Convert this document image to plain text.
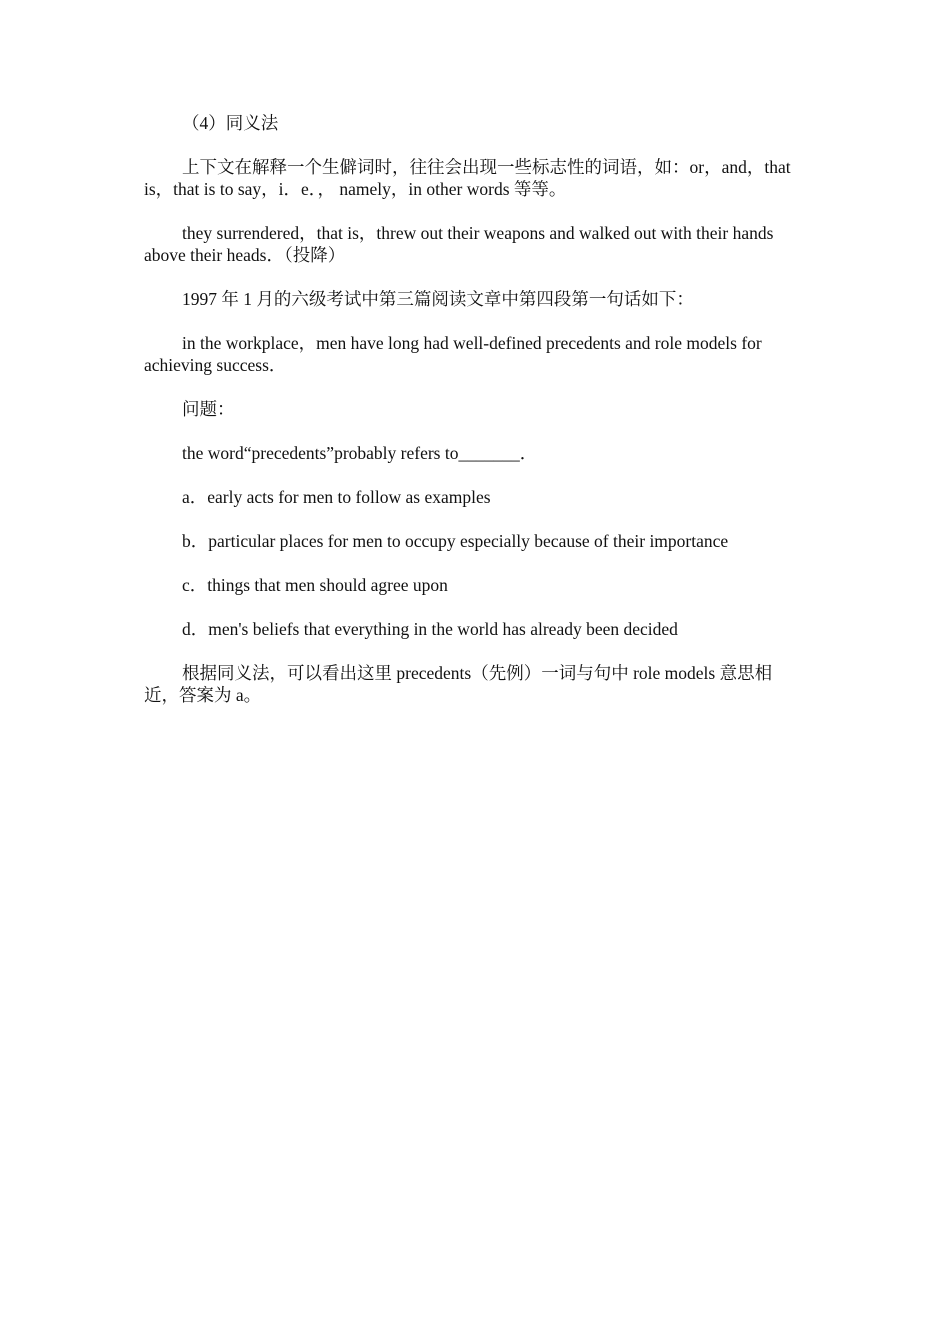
（4）同义法

上下文在解释一个生僻词时，往往会出现一些标志性的词语，如：or，and，that is，that is to say，i．e．， namely，in other words 等等。

they surrendered，that is，threw out their weapons and walked out with their hands above their heads．（投降）

1997 年 1 月的六级考试中第三篇阅读文章中第四段第一句话如下：

in the workplace，men have long had well-defined precedents and role models for achieving success．

问题：

the word“precedents”probably refers to_______．

a．early acts for men to follow as examples

b．particular places for men to occupy especially because of their importance

c．things that men should agree upon

d．men's beliefs that everything in the world has already been decided

根据同义法，可以看出这里 precedents（先例）一词与句中 role models 意思相近，答案为 a。
